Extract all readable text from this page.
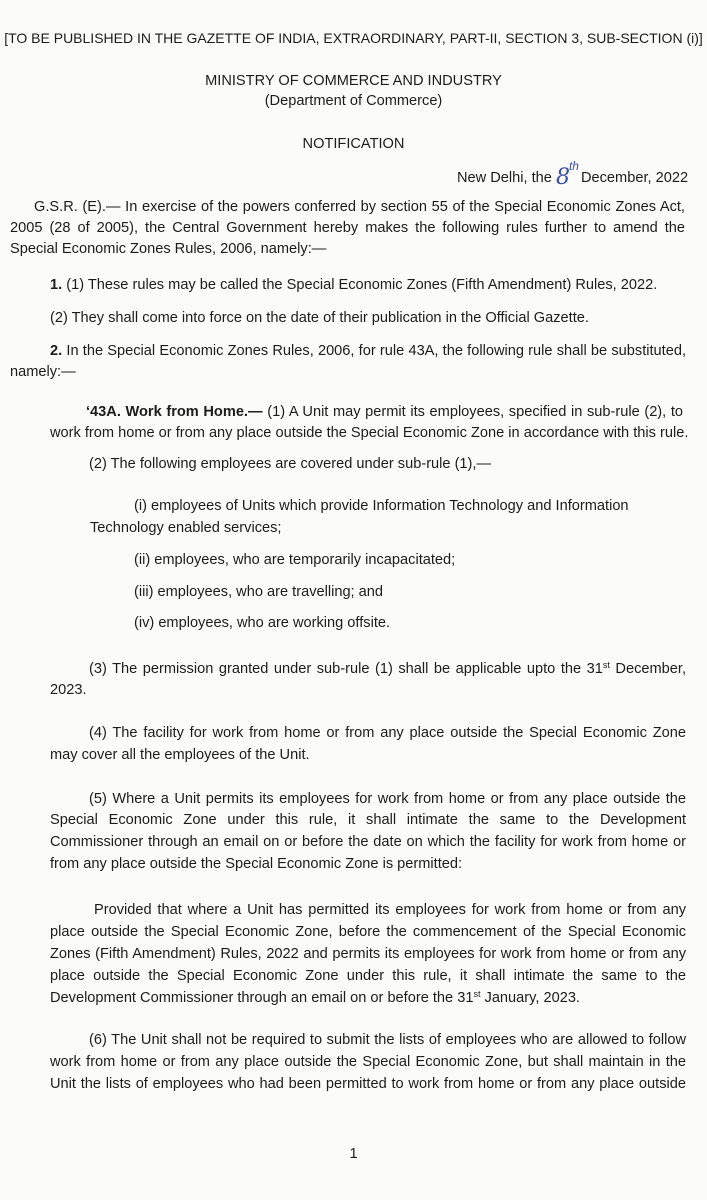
[TO BE PUBLISHED IN THE GAZETTE OF INDIA, EXTRAORDINARY, PART-II, SECTION 3, SUB-SECTION (i)]
MINISTRY OF COMMERCE AND INDUSTRY
(Department of Commerce)
NOTIFICATION
New Delhi, the 8thDecember, 2022
G.S.R. (E).— In exercise of the powers conferred by section 55 of the Special Economic Zones Act,
2005 (28 of 2005), the Central Government hereby makes the following rules further to amend the
Special Economic Zones Rules, 2006, namely:—
1. (1) These rules may be called the Special Economic Zones (Fifth Amendment) Rules, 2022.
(2) They shall come into force on the date of their publication in the Official Gazette.
2. In the Special Economic Zones Rules, 2006, for rule 43A, the following rule shall be substituted,
namely:—
‘43A. Work from Home.— (1) A Unit may permit its employees, specified in sub-rule (2), to
work from home or from any place outside the Special Economic Zone in accordance with this rule.
(2) The following employees are covered under sub-rule (1),—
(i) employees of Units which provide Information Technology and Information
Technology enabled services;
(ii) employees, who are temporarily incapacitated;
(iii) employees, who are travelling; and
(iv) employees, who are working offsite.
(3) The permission granted under sub-rule (1) shall be applicable upto the 31st December,
2023.
(4) The facility for work from home or from any place outside the Special Economic Zone
may cover all the employees of the Unit.
(5) Where a Unit permits its employees for work from home or from any place outside the
Special Economic Zone under this rule, it shall intimate the same to the Development
Commissioner through an email on or before the date on which the facility for work from home or
from any place outside the Special Economic Zone is permitted:
Provided that where a Unit has permitted its employees for work from home or from any
place outside the Special Economic Zone, before the commencement of the Special Economic
Zones (Fifth Amendment) Rules, 2022 and permits its employees for work from home or from any
place outside the Special Economic Zone under this rule, it shall intimate the same to the
Development Commissioner through an email on or before the 31st January, 2023.
(6) The Unit shall not be required to submit the lists of employees who are allowed to follow
work from home or from any place outside the Special Economic Zone, but shall maintain in the
Unit the lists of employees who had been permitted to work from home or from any place outside
1
